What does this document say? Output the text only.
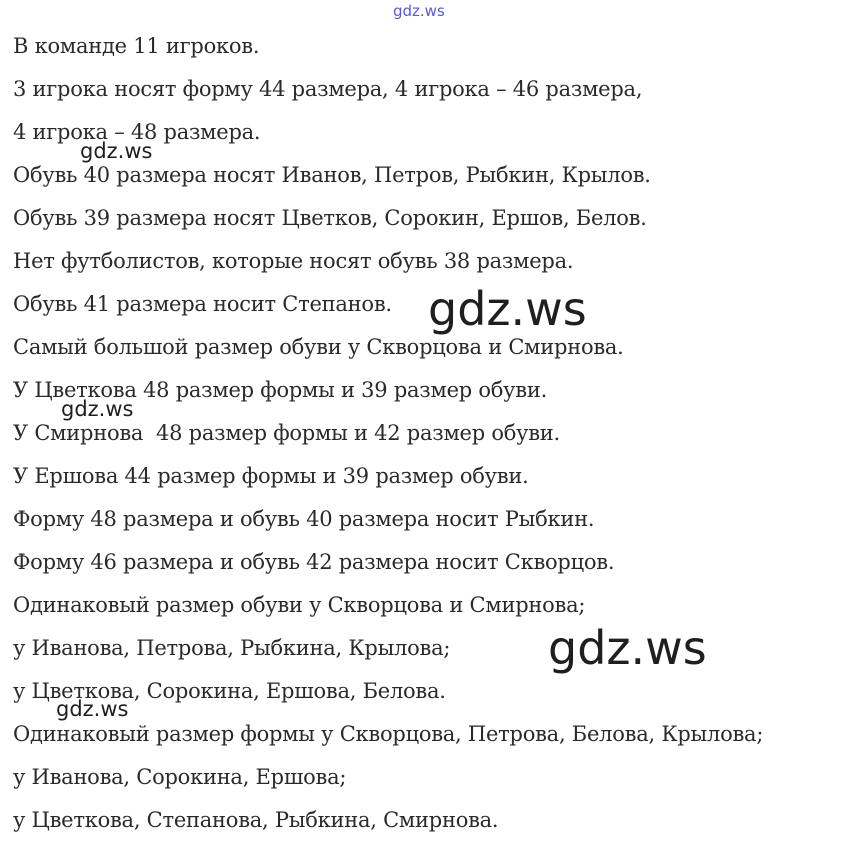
gdz.ws
В команде 11 игроков.
3 игрока носят форму 44 размера, 4 игрока – 46 размера,
4 игрока – 48 размера.
Обувь 40 размера носят Иванов, Петров, Рыбкин, Крылов.
Обувь 39 размера носят Цветков, Сорокин, Ершов, Белов.
Нет футболистов, которые носят обувь 38 размера.
Обувь 41 размера носит Степанов.
Самый большой размер обуви у Скворцова и Смирнова.
У Цветкова 48 размер формы и 39 размер обуви.
У Смирнова  48 размер формы и 42 размер обуви.
У Ершова 44 размер формы и 39 размер обуви.
Форму 48 размера и обувь 40 размера носит Рыбкин.
Форму 46 размера и обувь 42 размера носит Скворцов.
Одинаковый размер обуви у Скворцова и Смирнова;
у Иванова, Петрова, Рыбкина, Крылова;
у Цветкова, Сорокина, Ершова, Белова.
Одинаковый размер формы у Скворцова, Петрова, Белова, Крылова;
у Иванова, Сорокина, Ершова;
у Цветкова, Степанова, Рыбкина, Смирнова.
gdz.ws
gdz.ws
gdz.ws
gdz.ws
gdz.ws
